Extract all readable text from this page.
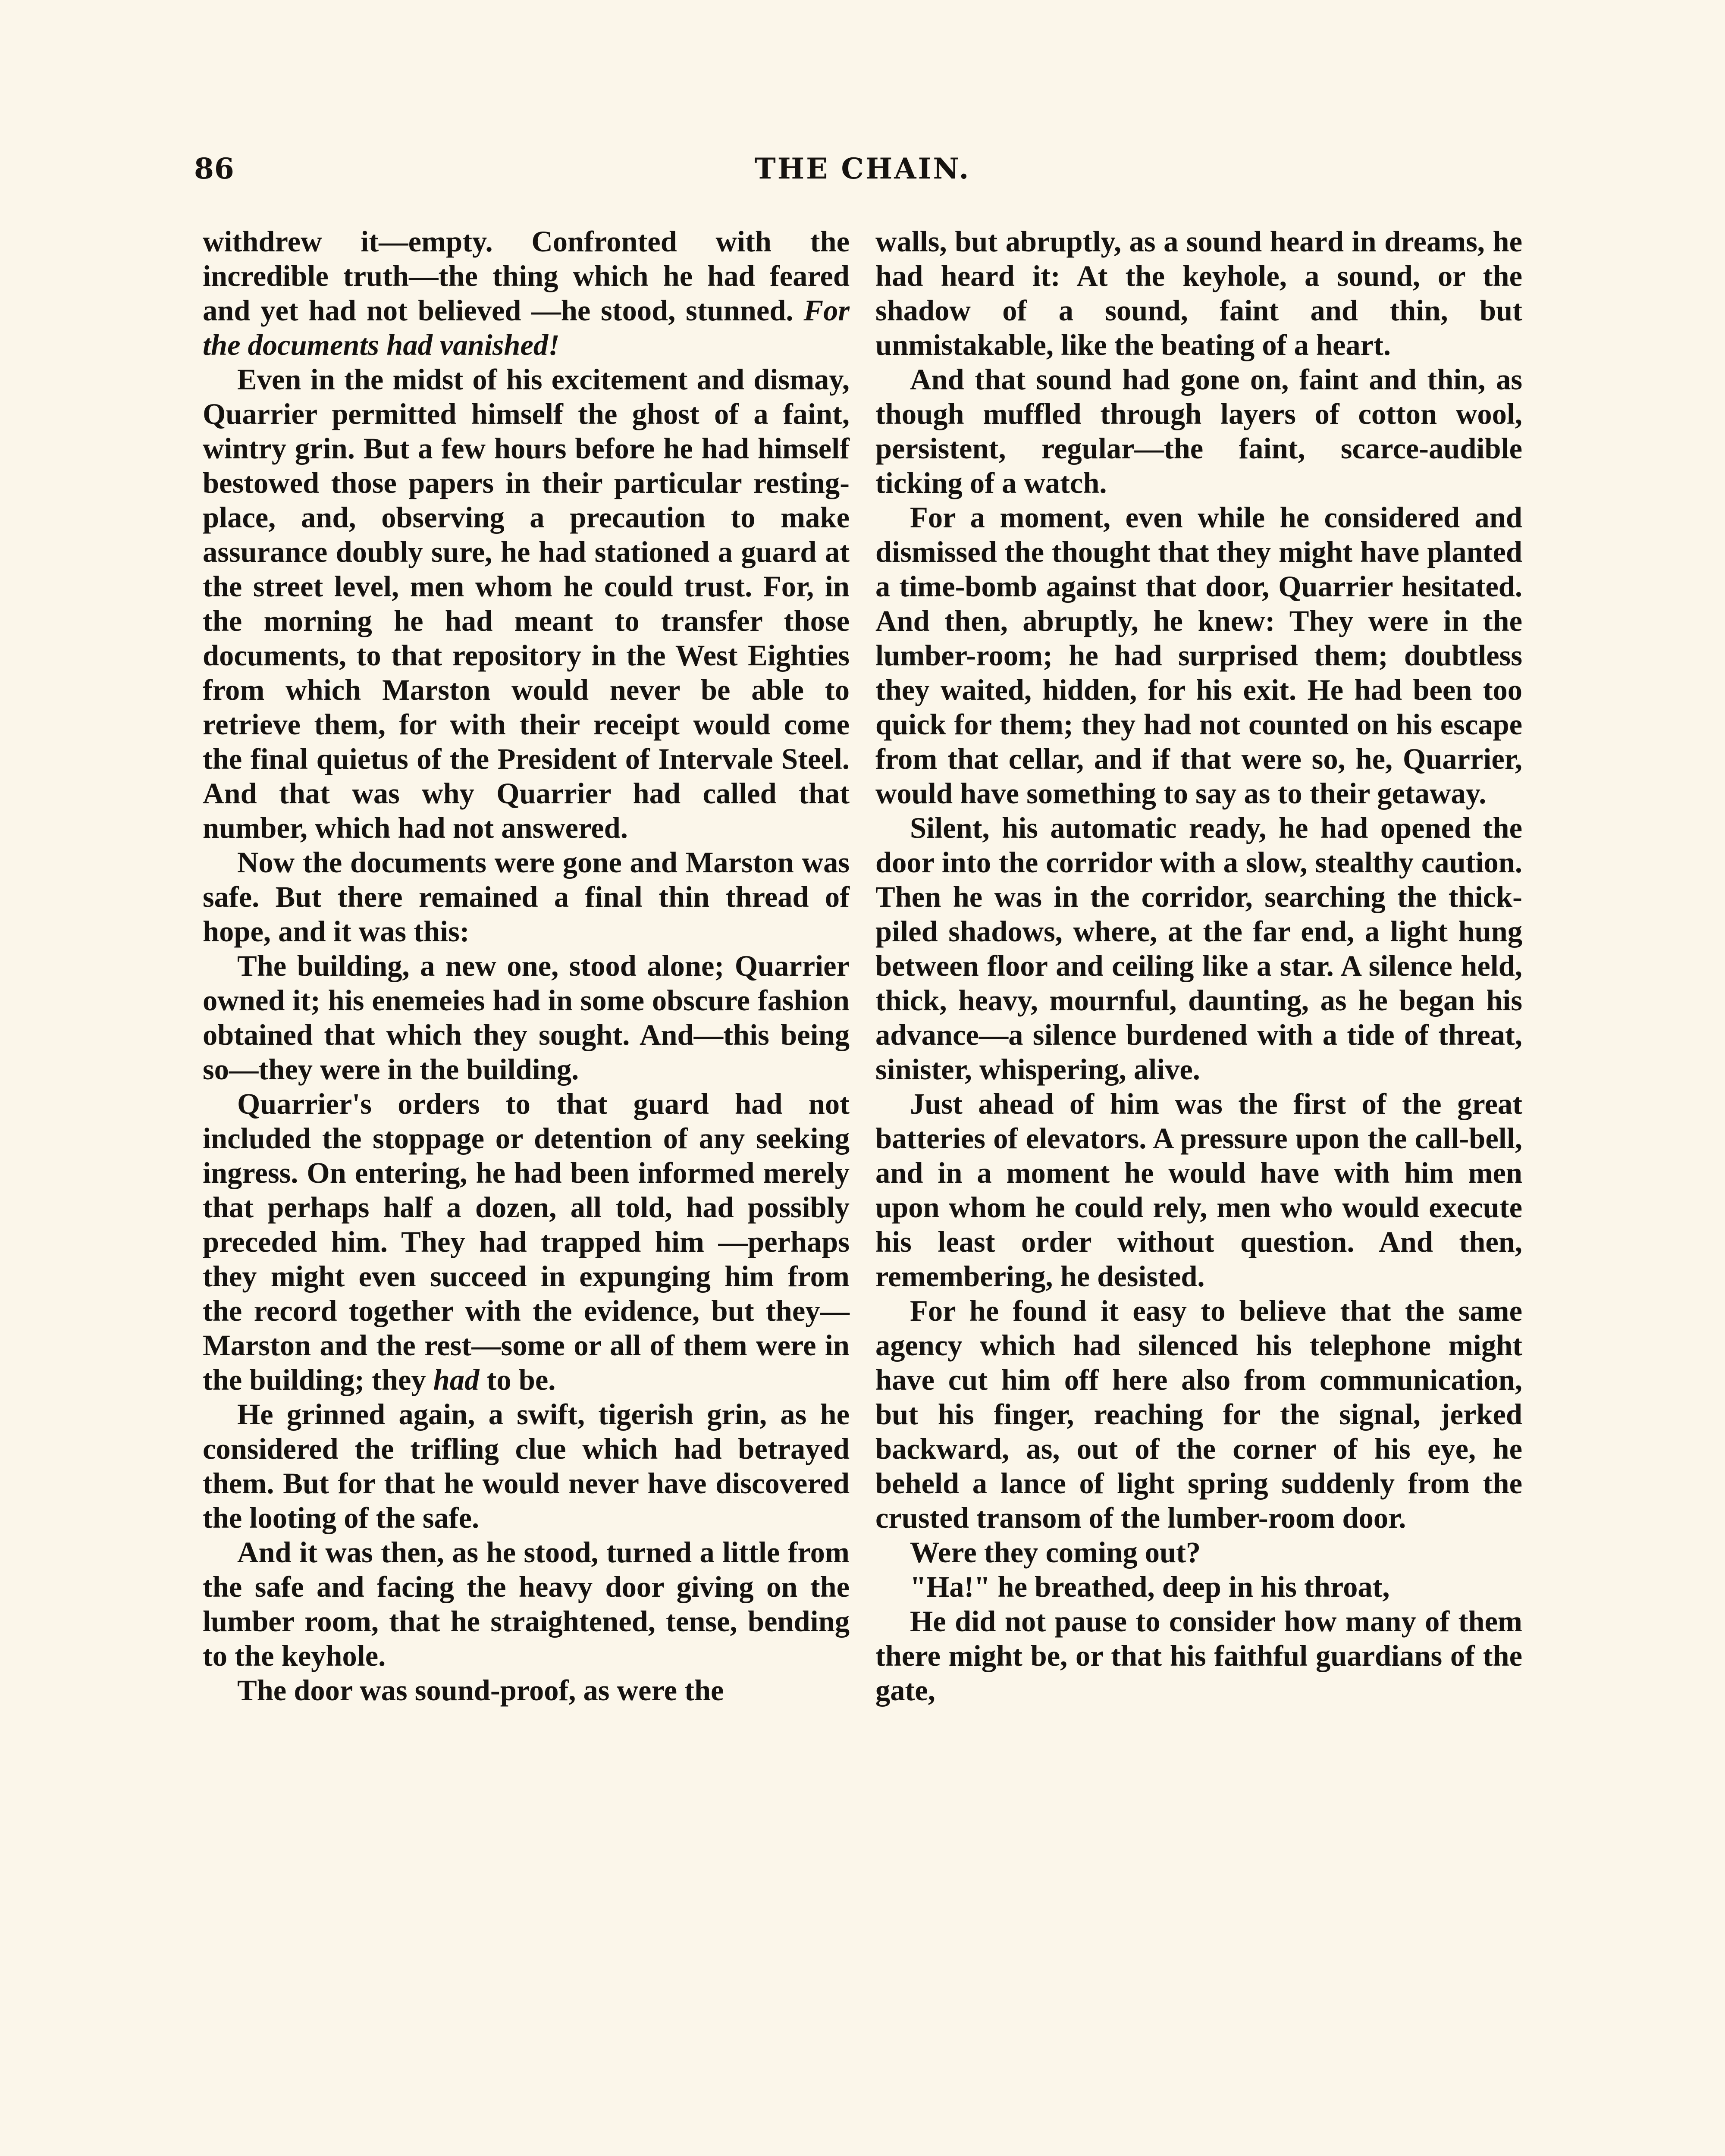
86	THE CHAIN.

withdrew it—empty. Confronted with the incredible truth—the thing which he had feared and yet had not believed —he stood, stunned. For the documents had vanished!

Even in the midst of his excitement and dismay, Quarrier permitted himself the ghost of a faint, wintry grin. But a few hours before he had himself bestowed those papers in their particular resting-place, and, observing a precaution to make assurance doubly sure, he had stationed a guard at the street level, men whom he could trust. For, in the morning he had meant to transfer those documents, to that repository in the West Eighties from which Marston would never be able to retrieve them, for with their receipt would come the final quietus of the President of Intervale Steel. And that was why Quarrier had called that number, which had not answered.

Now the documents were gone and Marston was safe. But there remained a final thin thread of hope, and it was this:

The building, a new one, stood alone; Quarrier owned it; his enemeies had in some obscure fashion obtained that which they sought. And—this being so—they were in the building.

Quarrier's orders to that guard had not included the stoppage or detention of any seeking ingress. On entering, he had been informed merely that perhaps half a dozen, all told, had possibly preceded him. They had trapped him —perhaps they might even succeed in expunging him from the record together with the evidence, but they— Marston and the rest—some or all of them were in the building; they had to be.

He grinned again, a swift, tigerish grin, as he considered the trifling clue which had betrayed them. But for that he would never have discovered the looting of the safe.

And it was then, as he stood, turned a little from the safe and facing the heavy door giving on the lumber room, that he straightened, tense, bending to the keyhole.

The door was sound-proof, as were the

walls, but abruptly, as a sound heard in dreams, he had heard it: At the keyhole, a sound, or the shadow of a sound, faint and thin, but unmistakable, like the beating of a heart.

And that sound had gone on, faint and thin, as though muffled through layers of cotton wool, persistent, regular—the faint, scarce-audible ticking of a watch.

For a moment, even while he considered and dismissed the thought that they might have planted a time-bomb against that door, Quarrier hesitated. And then, abruptly, he knew: They were in the lumber-room; he had surprised them; doubtless they waited, hidden, for his exit. He had been too quick for them; they had not counted on his escape from that cellar, and if that were so, he, Quarrier, would have something to say as to their getaway.

Silent, his automatic ready, he had opened the door into the corridor with a slow, stealthy caution. Then he was in the corridor, searching the thick-piled shadows, where, at the far end, a light hung between floor and ceiling like a star. A silence held, thick, heavy, mournful, daunting, as he began his advance—a silence burdened with a tide of threat, sinister, whispering, alive.

Just ahead of him was the first of the great batteries of elevators. A pressure upon the call-bell, and in a moment he would have with him men upon whom he could rely, men who would execute his least order without question. And then, remembering, he desisted.

For he found it easy to believe that the same agency which had silenced his telephone might have cut him off here also from communication, but his finger, reaching for the signal, jerked backward, as, out of the corner of his eye, he beheld a lance of light spring suddenly from the crusted transom of the lumber-room door.

Were they coming out?

"Ha!" he breathed, deep in his throat,

He did not pause to consider how many of them there might be, or that his faithful guardians of the gate,
